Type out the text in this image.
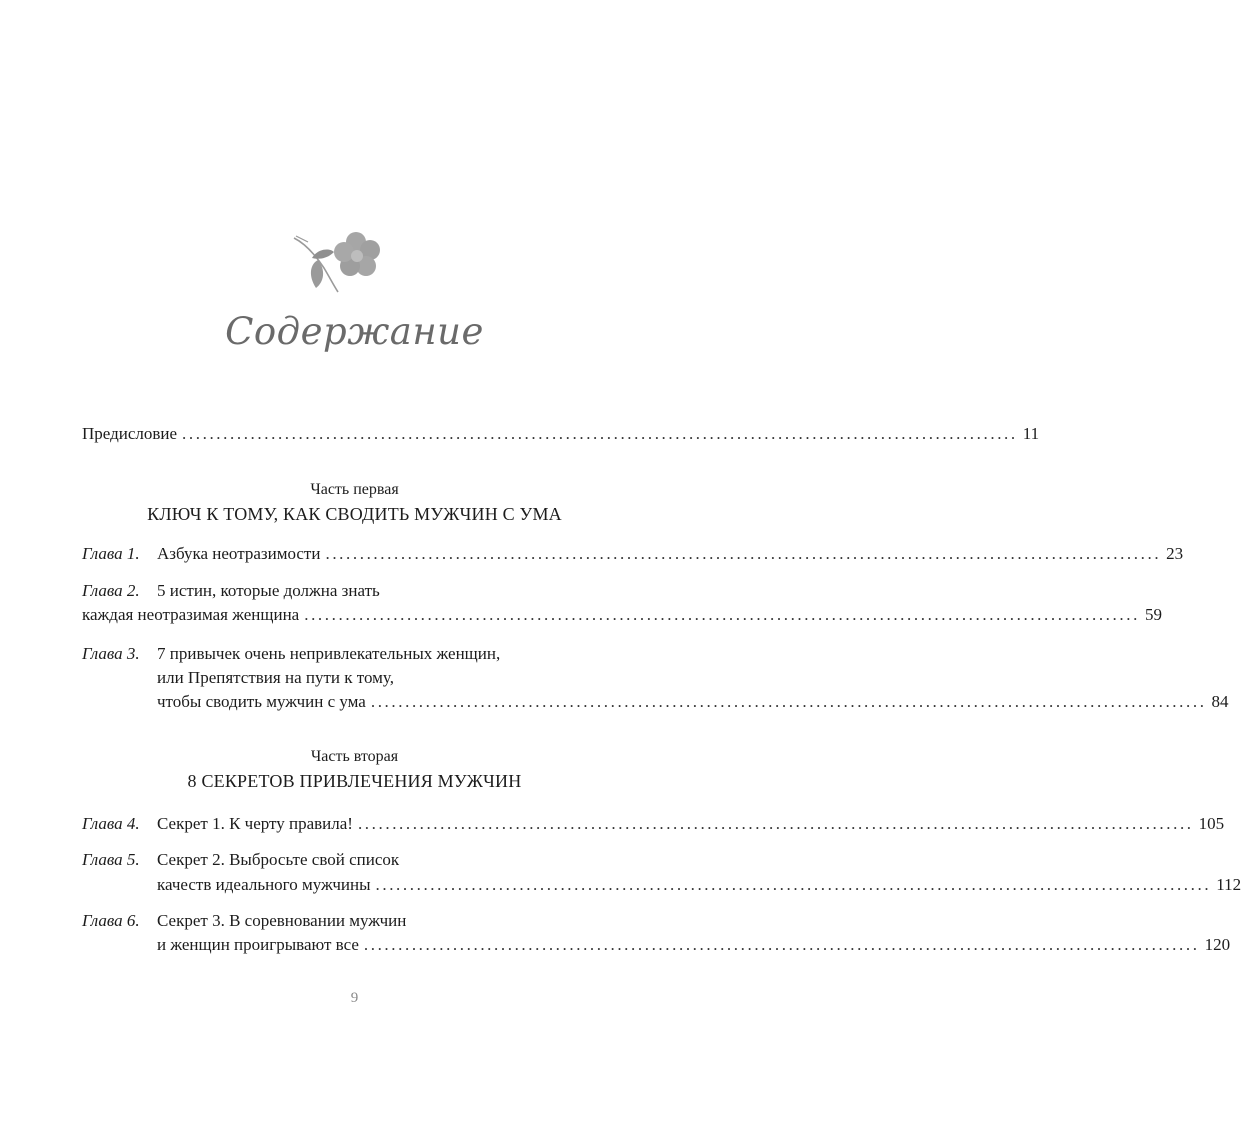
Содержание
Предисловие .......................................................................................................................... 11
Часть первая
КЛЮЧ К ТОМУ, КАК СВОДИТЬ МУЖЧИН С УМА
Глава 1. Азбука неотразимости .......................................................................................................................... 23
Глава 2. 5 истин, которые должна знать
каждая неотразимая женщина .......................................................................................................................... 59
Глава 3. 7 привычек очень непривлекательных женщин,
или Препятствия на пути к тому,
чтобы сводить мужчин с ума .......................................................................................................................... 84
Часть вторая
8 СЕКРЕТОВ ПРИВЛЕЧЕНИЯ МУЖЧИН
Глава 4. Секрет 1. К черту правила! .......................................................................................................................... 105
Глава 5. Секрет 2. Выбросьте свой список
качеств идеального мужчины .......................................................................................................................... 112
Глава 6. Секрет 3. В соревновании мужчин
и женщин проигрывают все .......................................................................................................................... 120
9
